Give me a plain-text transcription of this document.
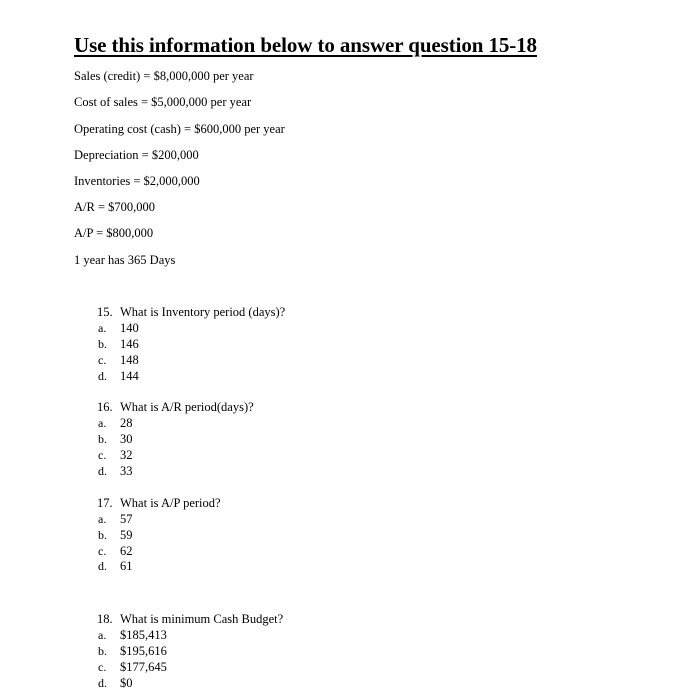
Use this information below to answer question 15-18
Sales (credit) = $8,000,000 per year
Cost of sales = $5,000,000 per year
Operating cost (cash) = $600,000 per year
Depreciation = $200,000
Inventories = $2,000,000
A/R = $700,000
A/P = $800,000
1 year has 365 Days
15. What is Inventory period (days)?
a. 140
b. 146
c. 148
d. 144
16. What is A/R period(days)?
a. 28
b. 30
c. 32
d. 33
17. What is A/P period?
a. 57
b. 59
c. 62
d. 61
18. What is minimum Cash Budget?
a. $185,413
b. $195,616
c. $177,645
d. $0
